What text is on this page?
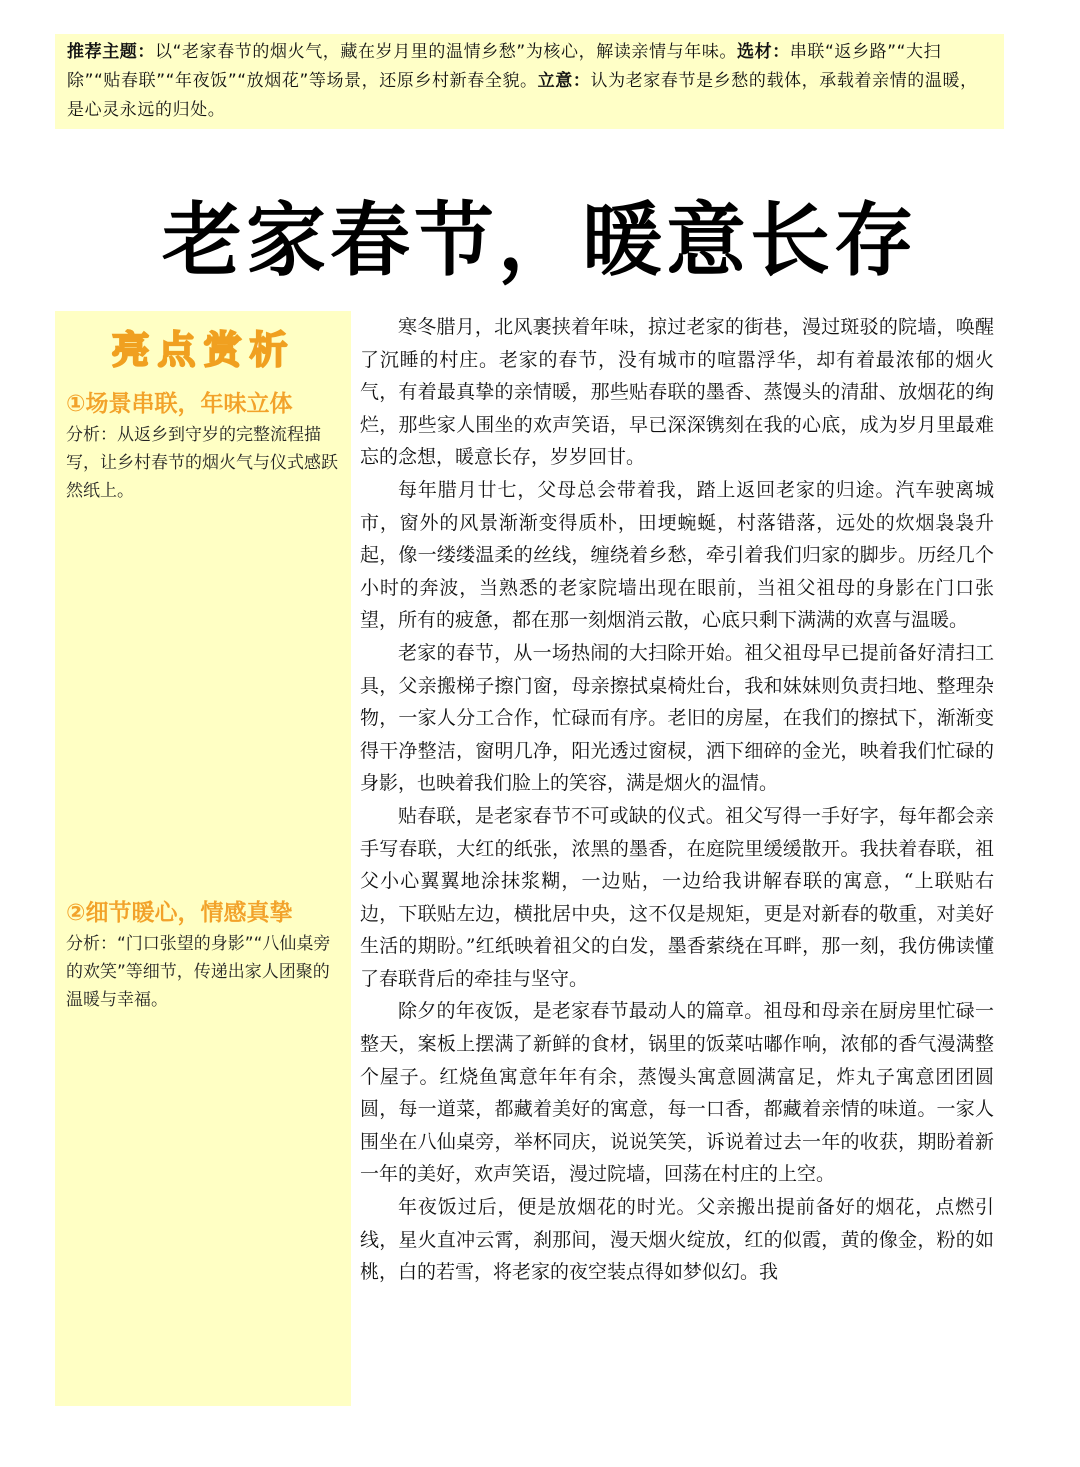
推荐主题：以“老家春节的烟火气，藏在岁月里的温情乡愁”为核心，解读亲情与年味。选材：串联“返乡路”“大扫除”“贴春联”“年夜饭”“放烟花”等场景，还原乡村新春全貌。立意：认为老家春节是乡愁的载体，承载着亲情的温暖，是心灵永远的归处。
老家春节，暖意长存
亮点赏析
①场景串联，年味立体
分析：从返乡到守岁的完整流程描写，让乡村春节的烟火气与仪式感跃然纸上。
②细节暖心，情感真挚
分析：“门口张望的身影”“八仙桌旁的欢笑”等细节，传递出家人团聚的温暖与幸福。

寒冬腊月，北风裹挟着年味，掠过老家的街巷，漫过斑驳的院墙，唤醒了沉睡的村庄。老家的春节，没有城市的喧嚣浮华，却有着最浓郁的烟火气，有着最真挚的亲情暖，那些贴春联的墨香、蒸馒头的清甜、放烟花的绚烂，那些家人围坐的欢声笑语，早已深深镌刻在我的心底，成为岁月里最难忘的念想，暖意长存，岁岁回甘。

每年腊月廿七，父母总会带着我，踏上返回老家的归途。汽车驶离城市，窗外的风景渐渐变得质朴，田埂蜿蜒，村落错落，远处的炊烟袅袅升起，像一缕缕温柔的丝线，缠绕着乡愁，牵引着我们归家的脚步。历经几个小时的奔波，当熟悉的老家院墙出现在眼前，当祖父祖母的身影在门口张望，所有的疲惫，都在那一刻烟消云散，心底只剩下满满的欢喜与温暖。

老家的春节，从一场热闹的大扫除开始。祖父祖母早已提前备好清扫工具，父亲搬梯子擦门窗，母亲擦拭桌椅灶台，我和妹妹则负责扫地、整理杂物，一家人分工合作，忙碌而有序。老旧的房屋，在我们的擦拭下，渐渐变得干净整洁，窗明几净，阳光透过窗棂，洒下细碎的金光，映着我们忙碌的身影，也映着我们脸上的笑容，满是烟火的温情。

贴春联，是老家春节不可或缺的仪式。祖父写得一手好字，每年都会亲手写春联，大红的纸张，浓黑的墨香，在庭院里缓缓散开。我扶着春联，祖父小心翼翼地涂抹浆糊，一边贴，一边给我讲解春联的寓意，“上联贴右边，下联贴左边，横批居中央，这不仅是规矩，更是对新春的敬重，对美好生活的期盼。”红纸映着祖父的白发，墨香萦绕在耳畔，那一刻，我仿佛读懂了春联背后的牵挂与坚守。

除夕的年夜饭，是老家春节最动人的篇章。祖母和母亲在厨房里忙碌一整天，案板上摆满了新鲜的食材，锅里的饭菜咕嘟作响，浓郁的香气漫满整个屋子。红烧鱼寓意年年有余，蒸馒头寓意圆满富足，炸丸子寓意团团圆圆，每一道菜，都藏着美好的寓意，每一口香，都藏着亲情的味道。一家人围坐在八仙桌旁，举杯同庆，说说笑笑，诉说着过去一年的收获，期盼着新一年的美好，欢声笑语，漫过院墙，回荡在村庄的上空。

年夜饭过后，便是放烟花的时光。父亲搬出提前备好的烟花，点燃引线，星火直冲云霄，刹那间，漫天烟火绽放，红的似霞，黄的像金，粉的如桃，白的若雪，将老家的夜空装点得如梦似幻。我
